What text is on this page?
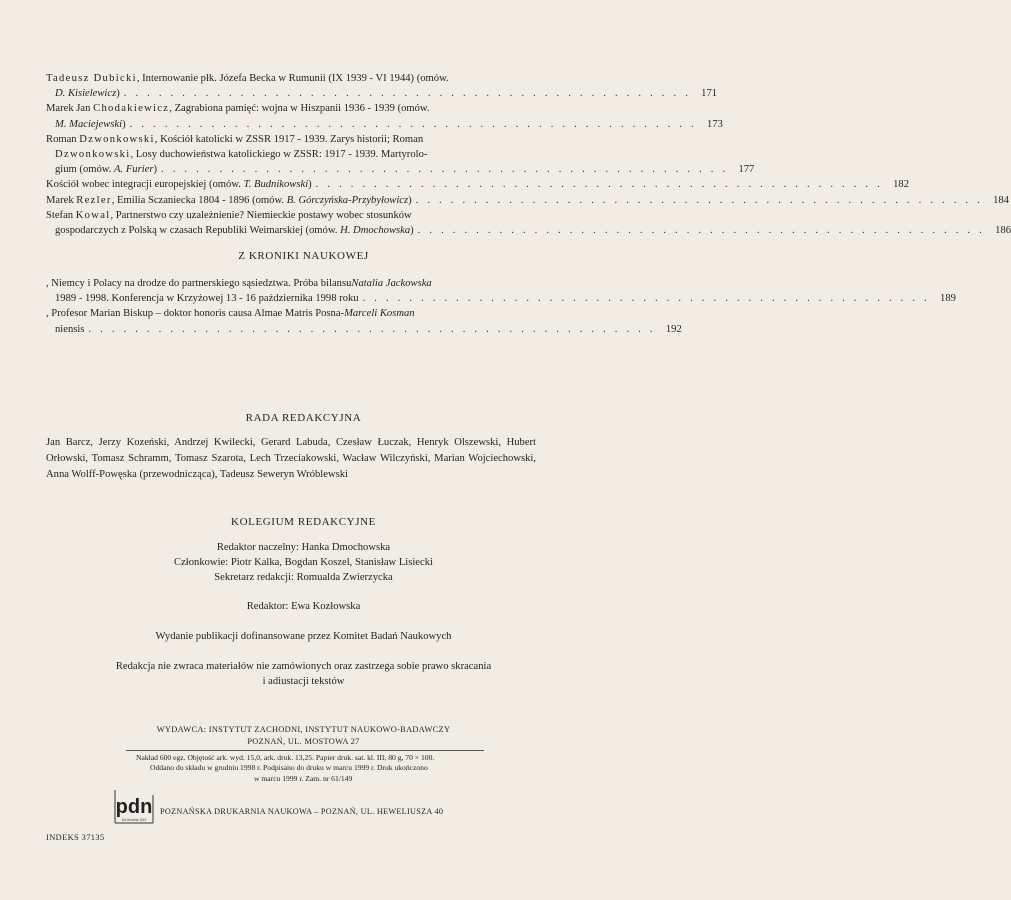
Tadeusz Dubicki, Internowanie płk. Józefa Becka w Rumunii (IX 1939 - VI 1944) (omów.
D. Kisielewicz) . . . . . . . . . . . . . . . . . . . . . . . . . . . . . . . . . . . . . . . . . . . . . . . . . 171
Marek Jan Chodakiewicz, Zagrabiona pamięć: wojna w Hiszpanii 1936 - 1939 (omów.
M. Maciejewski) . . . . . . . . . . . . . . . . . . . . . . . . . . . . . . . . . . . . . . . . . . . . . . . . . 173
Roman Dzwonkowski, Kościół katolicki w ZSSR 1917 - 1939. Zarys historii; Roman
Dzwonkowski, Losy duchowieństwa katolickiego w ZSSR: 1917 - 1939. Martyrolo-
gium (omów. A. Furier) . . . . . . . . . . . . . . . . . . . . . . . . . . . . . . . . . . . . . . . . . . . . . . . . . 177
Kościół wobec integracji europejskiej (omów. T. Budnikowski) . . . . . . . . . . . . . . . . . . . . . . . . . . . . . . . . . . . . . . . . . . . . . . . . . 182
Marek Rezler, Emilia Sczaniecka 1804 - 1896 (omów. B. Górczyńska-Przybyłowicz) . . . . . . . . . . . . . . . . . . . . . . . . . . . . . . . . . . . . . . . . . . . . . . . . . 184
Stefan Kowal, Partnerstwo czy uzależnienie? Niemieckie postawy wobec stosunków
gospodarczych z Polską w czasach Republiki Weimarskiej (omów. H. Dmochowska) . . . . . . . . . . . . . . . . . . . . . . . . . . . . . . . . . . . . . . . . . . . . . . . . . 186
Z KRONIKI NAUKOWEJ
, Niemcy i Polacy na drodze do partnerskiego sąsiedztwa. Próba bilansuNatalia Jackowska
1989 - 1998. Konferencja w Krzyżowej 13 - 16 października 1998 roku . . . . . . . . . . . . . . . . . . . . . . . . . . . . . . . . . . . . . . . . . . . . . . . . . 189
, Profesor Marian Biskup – doktor honoris causa Almae Matris Posna-Marceli Kosman
niensis . . . . . . . . . . . . . . . . . . . . . . . . . . . . . . . . . . . . . . . . . . . . . . . . . 192
RADA REDAKCYJNA
Jan Barcz, Jerzy Kozeński, Andrzej Kwilecki, Gerard Labuda, Czesław Łuczak, Henryk Olszewski, Hubert Orłowski, Tomasz Schramm, Tomasz Szarota, Lech Trzeciakowski, Wacław Wilczyński, Marian Wojciechowski, Anna Wolff-Powęska (przewodnicząca), Tadeusz Seweryn Wróblewski
KOLEGIUM REDAKCYJNE
Redaktor naczelny: Hanka Dmochowska
Członkowie: Piotr Kalka, Bogdan Koszel, Stanisław Lisiecki
Sekretarz redakcji: Romualda Zwierzycka
Redaktor: Ewa Kozłowska
Wydanie publikacji dofinansowane przez Komitet Badań Naukowych
Redakcja nie zwraca materiałów nie zamówionych oraz zastrzega sobie prawo skracania
i adiustacji tekstów
WYDAWCA: INSTYTUT ZACHODNI, INSTYTUT NAUKOWO-BADAWCZY
POZNAŃ, UL. MOSTOWA 27
Nakład 600 egz. Objętość ark. wyd. 15,0, ark. druk. 13,25. Papier druk. sat. kl. III, 80 g, 70 × 100.
Oddano do składu w grudniu 1998 r. Podpisano do druku w marcu 1999 r. Druk ukończono
w marcu 1999 r. Zam. nr 61/149
pdn
Od Grudnia 1919
POZNAŃSKA DRUKARNIA NAUKOWA – POZNAŃ, UL. HEWELIUSZA 40
INDEKS 37135
